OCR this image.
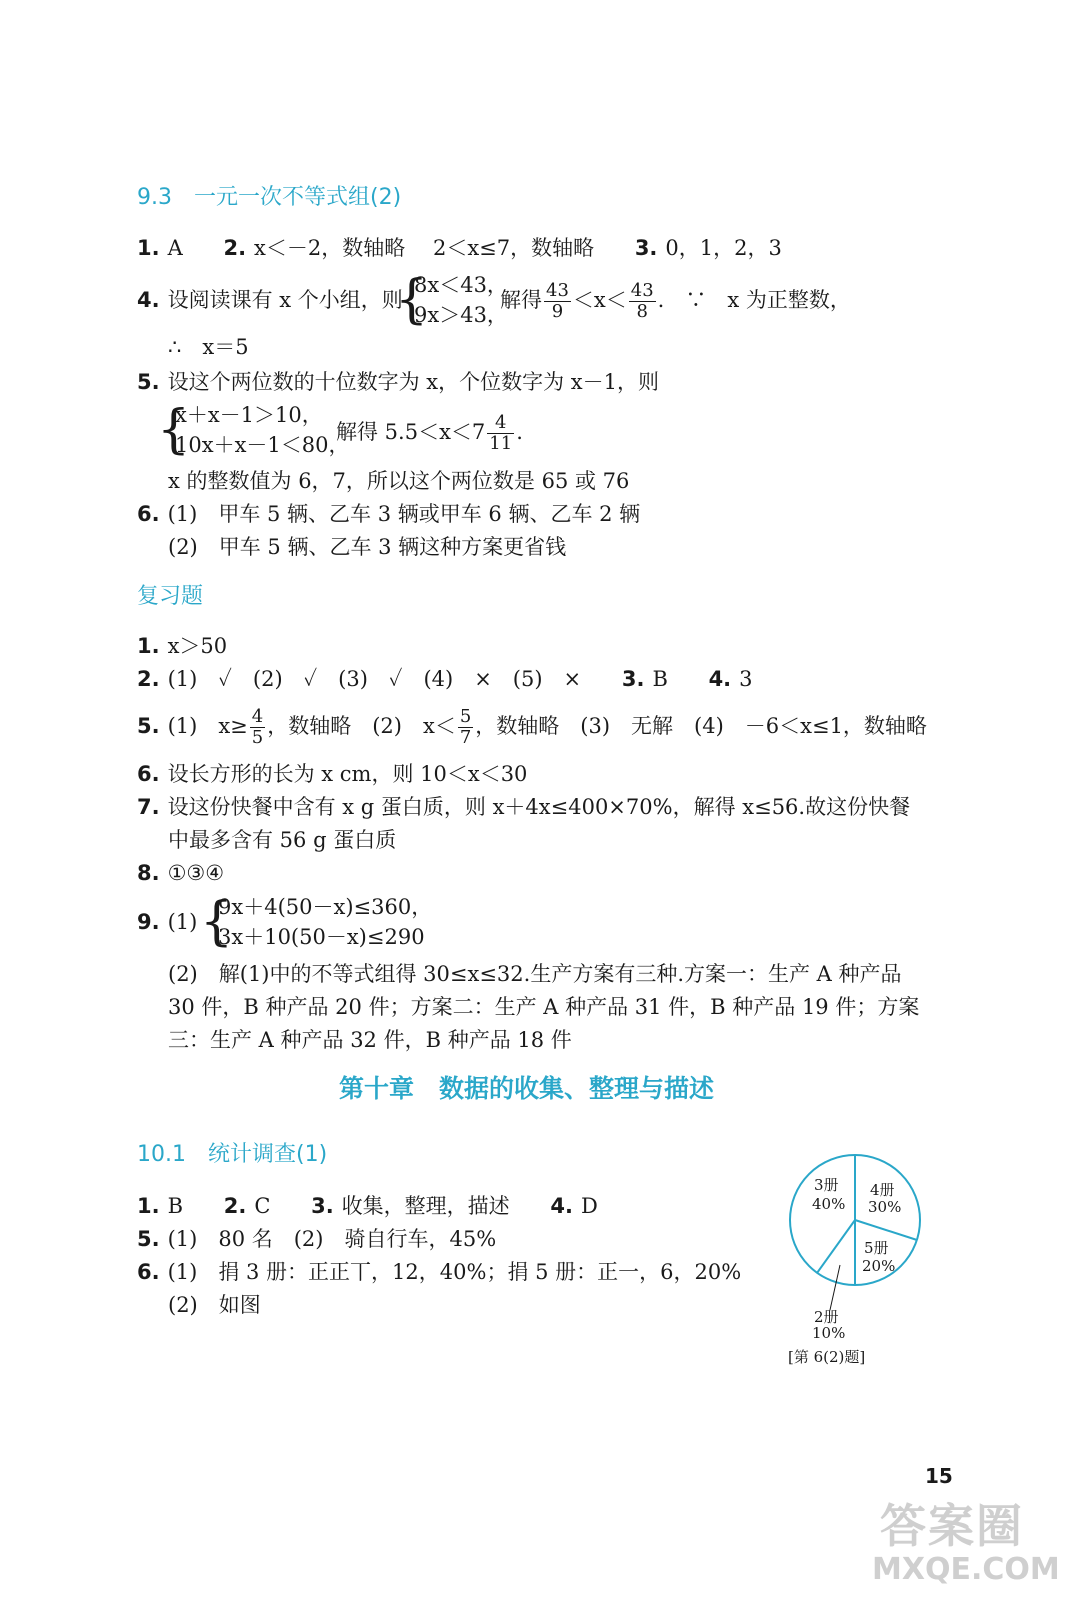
9.3　一元一次不等式组(2)
1. A 2. x＜－2，数轴略　 2＜x≤7，数轴略 3. 0，1，2，3
4. 设阅读课有 x 个小组，则
{
8x＜43，
9x＞43，
解得 $\frac{43}{9} <x< \frac{43}{8}$ .　∵　x 为正整数，
∴　x＝5
5. 设这个两位数的十位数字为 x，个位数字为 x－1，则
{
x＋x－1＞10，
10x＋x－1＜80，
解得 $5.5<x<7 \frac{4}{11}$ .
x 的整数值为 6，7，所以这个两位数是 65 或 76
6. (1)　甲车 5 辆、乙车 3 辆或甲车 6 辆、乙车 2 辆
(2)　甲车 5 辆、乙车 3 辆这种方案更省钱
复习题
1. x＞50
2. (1)　✓　(2)　✓　(3)　✓　(4)　×　(5)　× 3. B 4. 3
5. (1)　$x\ge \frac{4}{5}$ ，数轴略　(2)　$x< \frac{5}{7}$ ，数轴略　(3)　无解　(4)　－6＜x≤1，数轴略
6. 设长方形的长为 x cm，则 10＜x＜30
7. 设这份快餐中含有 x g 蛋白质，则 x＋4x≤400×70%，解得 x≤56.故这份快餐
中最多含有 56 g 蛋白质
8. ①③④
9. (1) {
9x＋4(50－x)≤360，
3x＋10(50－x)≤290
(2)　解(1)中的不等式组得 30≤x≤32.生产方案有三种.方案一：生产 A 种产品
30 件，B 种产品 20 件；方案二：生产 A 种产品 31 件，B 种产品 19 件；方案
三：生产 A 种产品 32 件，B 种产品 18 件
第十章　数据的收集、整理与描述
10.1　统计调查(1)
1. B 2. C 3. 收集，整理，描述 4. D
5. (1)　80 名　(2)　骑自行车，45%
6. (1)　捐 3 册：正正丅，12，40%；捐 5 册：正一，6，20%
(2)　如图
3册
40%
4册
30%
5册
20%
2册
10%
[第 6(2)题]
15
答案圈
MXQE.COM
